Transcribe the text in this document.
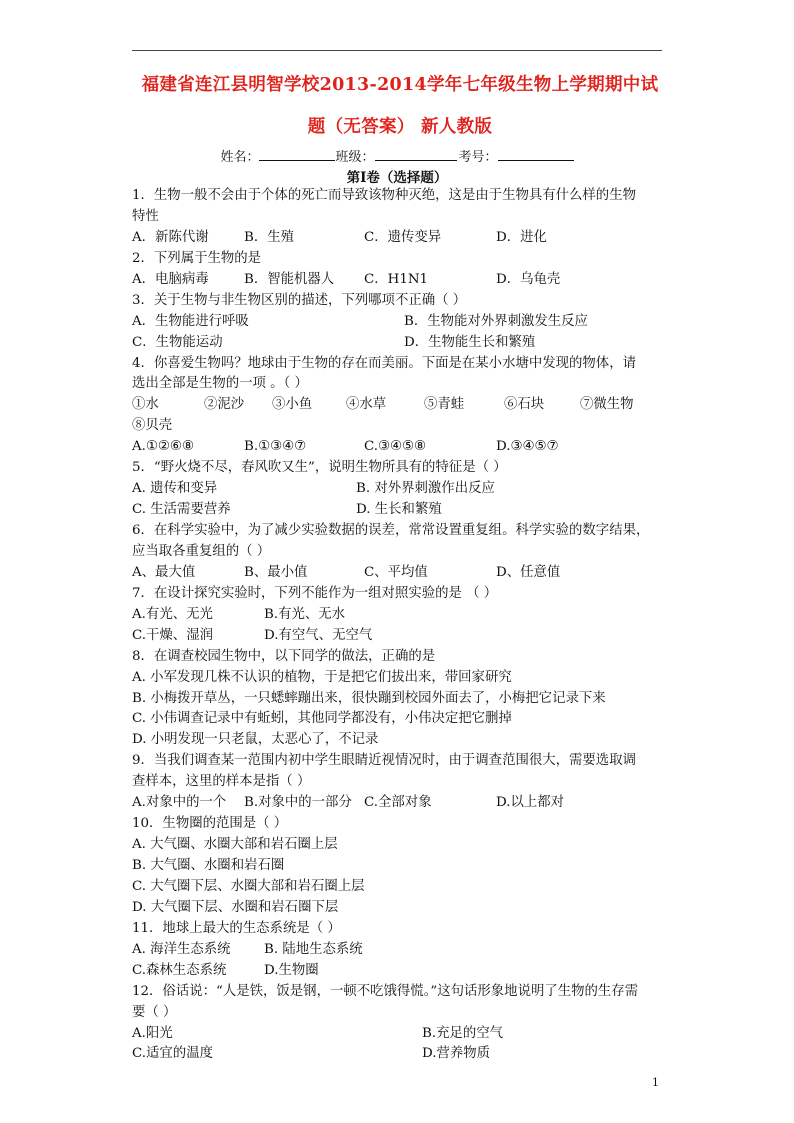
福建省连江县明智学校2013-2014学年七年级生物上学期期中试
题（无答案） 新人教版
姓名：	班级：	考号：
第Ⅰ卷（选择题）
1．生物一般不会由于个体的死亡而导致该物种灭绝，这是由于生物具有什么样的生物
特性
A．新陈代谢	B．生殖	C．遗传变异	D．进化
2．下列属于生物的是
A．电脑病毒	B．智能机器人 C．H1N1	D．乌龟壳
3．关于生物与非生物区别的描述，下列哪项不正确（ ）
A．生物能进行呼吸	B．生物能对外界刺激发生反应
C．生物能运动	D．生物能生长和繁殖
4．你喜爱生物吗？地球由于生物的存在而美丽。下面是在某小水塘中发现的物体，请
选出全部是生物的一项 。（ ）
①水	②泥沙 ③小鱼	④水草	⑤青蛙	⑥石块	⑦微生物
⑧贝壳
A.①②⑥⑧	B.①③④⑦	C.③④⑤⑧	D.③④⑤⑦
5．“野火烧不尽，春风吹又生”，说明生物所具有的特征是（ ）
A. 遗传和变异	B. 对外界刺激作出反应
C. 生活需要营养	D. 生长和繁殖
6．在科学实验中，为了减少实验数据的误差，常常设置重复组。科学实验的数字结果，
应当取各重复组的（ ）
A、最大值	B、最小值	C、平均值	D、任意值
7．在设计探究实验时，下列不能作为一组对照实验的是 （ ）
A.有光、无光	B.有光、无水
C.干燥、湿润	D.有空气、无空气
8．在调查校园生物中，以下同学的做法，正确的是
A. 小军发现几株不认识的植物，于是把它们拔出来，带回家研究
B. 小梅拨开草丛，一只蟋蟀蹦出来，很快蹦到校园外面去了，小梅把它记录下来
C. 小伟调查记录中有蚯蚓，其他同学都没有，小伟决定把它删掉
D. 小明发现一只老鼠，太恶心了，不记录
9．当我们调查某一范围内初中学生眼睛近视情况时，由于调查范围很大，需要选取调
查样本，这里的样本是指（ ）
A.对象中的一个 B.对象中的一部分 C.全部对象	D.以上都对
10．生物圈的范围是（ ）
A. 大气圈、水圈大部和岩石圈上层
B. 大气圈、水圈和岩石圈
C. 大气圈下层、水圈大部和岩石圈上层
D. 大气圈下层、水圈和岩石圈下层
11．地球上最大的生态系统是（ ）
A. 海洋生态系统 B. 陆地生态系统
C.森林生态系统	D.生物圈
12．俗话说：“人是铁，饭是钢，一顿不吃饿得慌。”这句话形象地说明了生物的生存需
要（ ）
A.阳光	B.充足的空气
C.适宜的温度	D.营养物质
1
